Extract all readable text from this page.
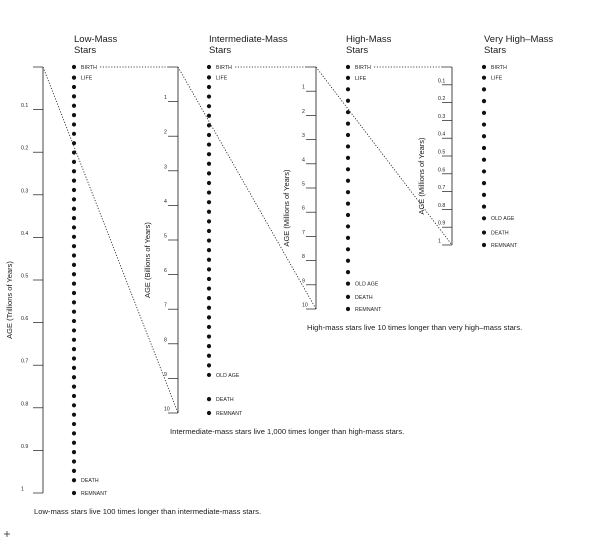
Low-Mass
Stars
0.1
0.2
0.3
0.4
0.5
0.6
0.7
0.8
0.9
1
AGE (Trillions of Years)
BIRTH
LIFE
DEATH
REMNANT
Low-mass stars live 100 times longer than intermediate-mass stars.
Intermediate-Mass
Stars
1
2
3
4
5
6
7
8
9
10
AGE (Billions of Years)
BIRTH
LIFE
OLD AGE
DEATH
REMNANT
Intermediate-mass stars live 1,000 times longer than high-mass stars.
High-Mass
Stars
1
2
3
4
5
6
7
8
9
10
AGE (Millions of Years)
BIRTH
LIFE
OLD AGE
DEATH
REMNANT
High-mass stars live 10 times longer than very high–mass stars.
Very High–Mass
Stars
0.1
0.2
0.3
0.4
0.5
0.6
0.7
0.8
0.9
1
AGE (Millions of Years)
BIRTH
LIFE
OLD AGE
DEATH
REMNANT
